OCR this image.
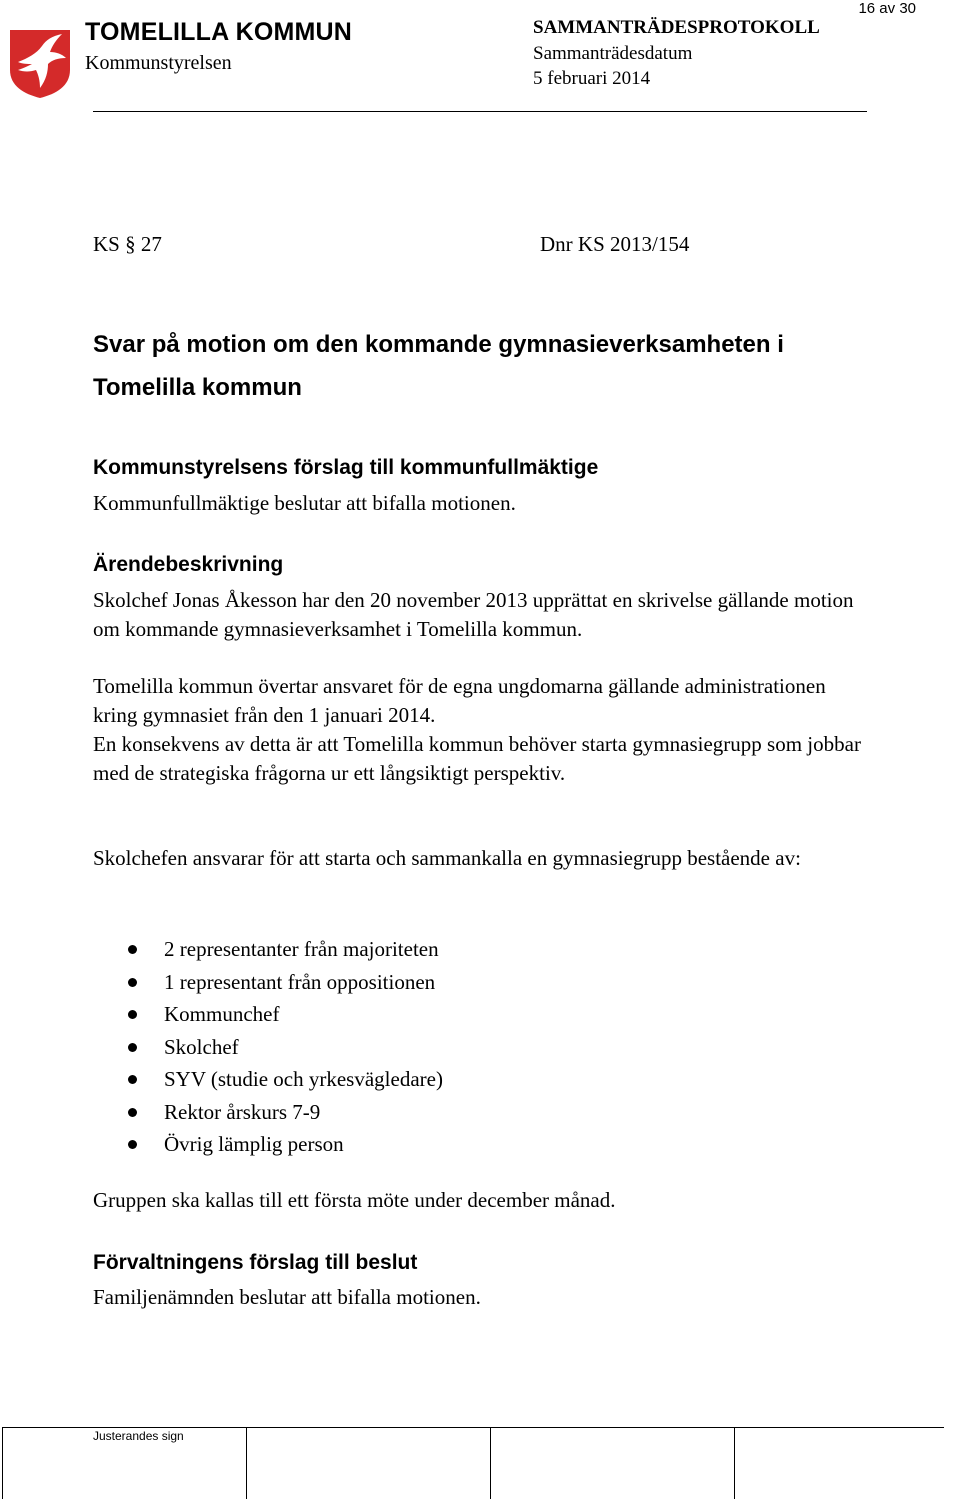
16 av 30
TOMELILLA KOMMUN
Kommunstyrelsen
SAMMANTRÄDESPROTOKOLL
Sammanträdesdatum
5 februari 2014
KS § 27	Dnr KS 2013/154
Svar på motion om den kommande gymnasieverksamheten i Tomelilla kommun
Kommunstyrelsens förslag till kommunfullmäktige

Kommunfullmäktige beslutar att bifalla motionen.

Ärendebeskrivning

Skolchef Jonas Åkesson har den 20 november 2013 upprättat en skrivelse gällande motion om kommande gymnasieverksamhet i Tomelilla kommun.

Tomelilla kommun övertar ansvaret för de egna ungdomarna gällande administrationen kring gymnasiet från den 1 januari 2014.

En konsekvens av detta är att Tomelilla kommun behöver starta gymnasiegrupp som jobbar med de strategiska frågorna ur ett långsiktigt perspektiv.

Skolchefen ansvarar för att starta och sammankalla en gymnasiegrupp bestående av:

2 representanter från majoriteten
1 representant från oppositionen
Kommunchef
Skolchef
SYV (studie och yrkesvägledare)
Rektor årskurs 7-9
Övrig lämplig person

Gruppen ska kallas till ett första möte under december månad.

Förvaltningens förslag till beslut

Familjenämnden beslutar att bifalla motionen.

Justerandes sign
